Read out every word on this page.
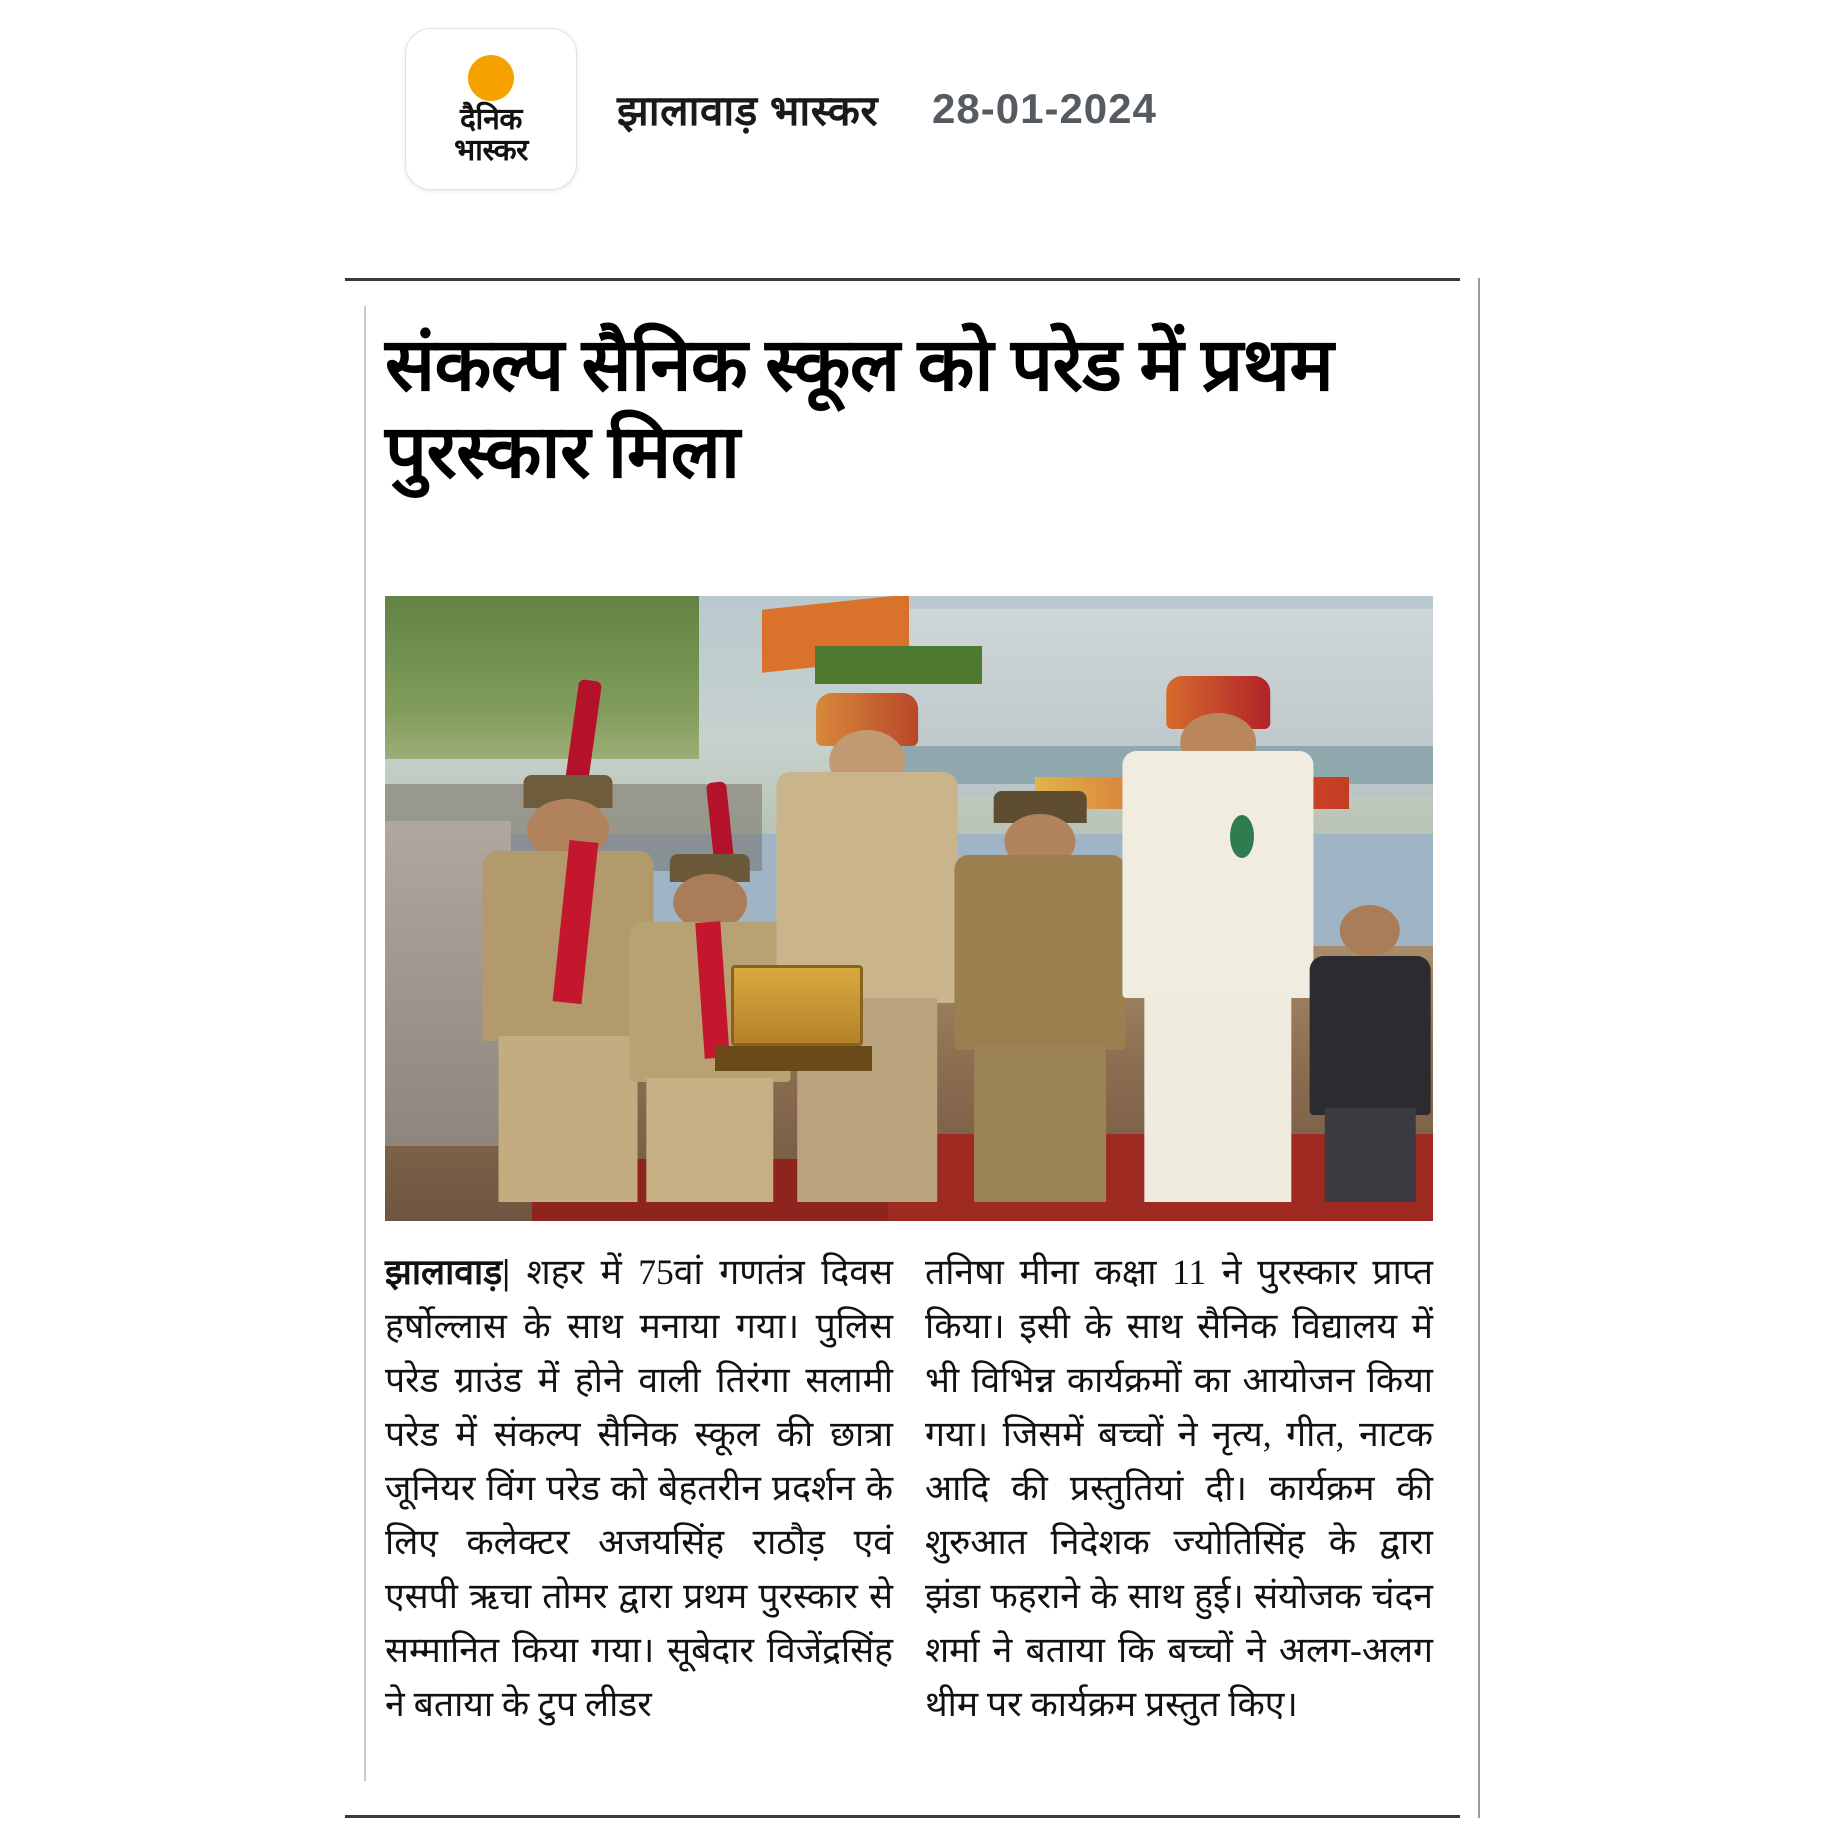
दैनिक
भास्कर
झालावाड़ भास्कर 28-01-2024
संकल्प सैनिक स्कूल को परेड में प्रथम पुरस्कार मिला
झालावाड़| शहर में 75वां गणतंत्र दिवस हर्षोल्लास के साथ मनाया गया। पुलिस परेड ग्राउंड में होने वाली तिरंगा सलामी परेड में संकल्प सैनिक स्कूल की छात्रा जूनियर विंग परेड को बेहतरीन प्रदर्शन के लिए कलेक्टर अजयसिंह राठौड़ एवं एसपी ऋचा तोमर द्वारा प्रथम पुरस्कार से सम्मानित किया गया। सूबेदार विजेंद्रसिंह ने बताया के टुप लीडर
तनिषा मीना कक्षा 11 ने पुरस्कार प्राप्त किया। इसी के साथ सैनिक विद्यालय में भी विभिन्न कार्यक्रमों का आयोजन किया गया। जिसमें बच्चों ने नृत्य, गीत, नाटक आदि की प्रस्तुतियां दी। कार्यक्रम की शुरुआत निदेशक ज्योतिसिंह के द्वारा झंडा फहराने के साथ हुई। संयोजक चंदन शर्मा ने बताया कि बच्चों ने अलग-अलग थीम पर कार्यक्रम प्रस्तुत किए।
